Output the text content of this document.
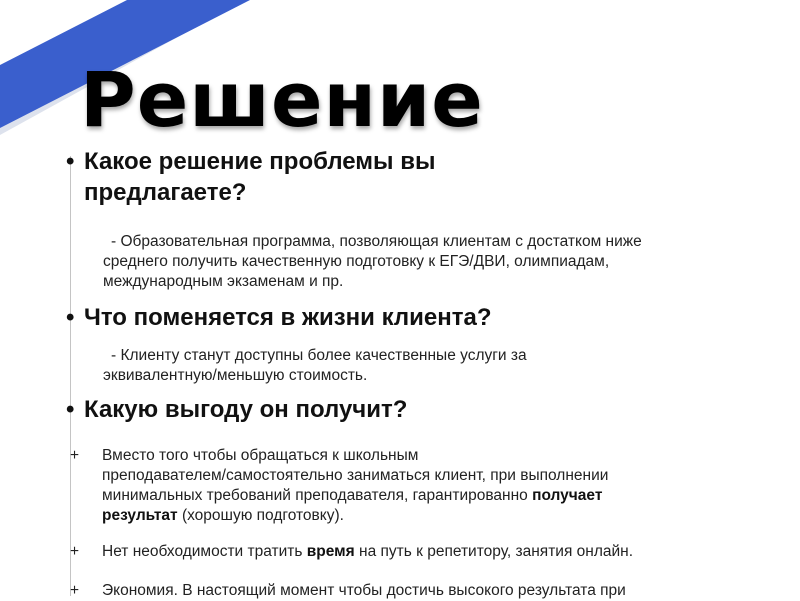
Решение
• Какое решение проблемы вы предлагаете?
- Образовательная программа, позволяющая клиентам с достатком ниже
среднего получить качественную подготовку к ЕГЭ/ДВИ, олимпиадам,
международным экзаменам и пр.
• Что поменяется в жизни клиента?
- Клиенту станут доступны более качественные услуги за
эквивалентную/меньшую стоимость.
• Какую выгоду он получит?
+	Вместо того чтобы обращаться к школьным
преподавателем/самостоятельно заниматься клиент, при выполнении
минимальных требований преподавателя, гарантированно получает
результат (хорошую подготовку).
+	Нет необходимости тратить время на путь к репетитору, занятия онлайн.
+	Экономия. В настоящий момент чтобы достичь высокого результата при
